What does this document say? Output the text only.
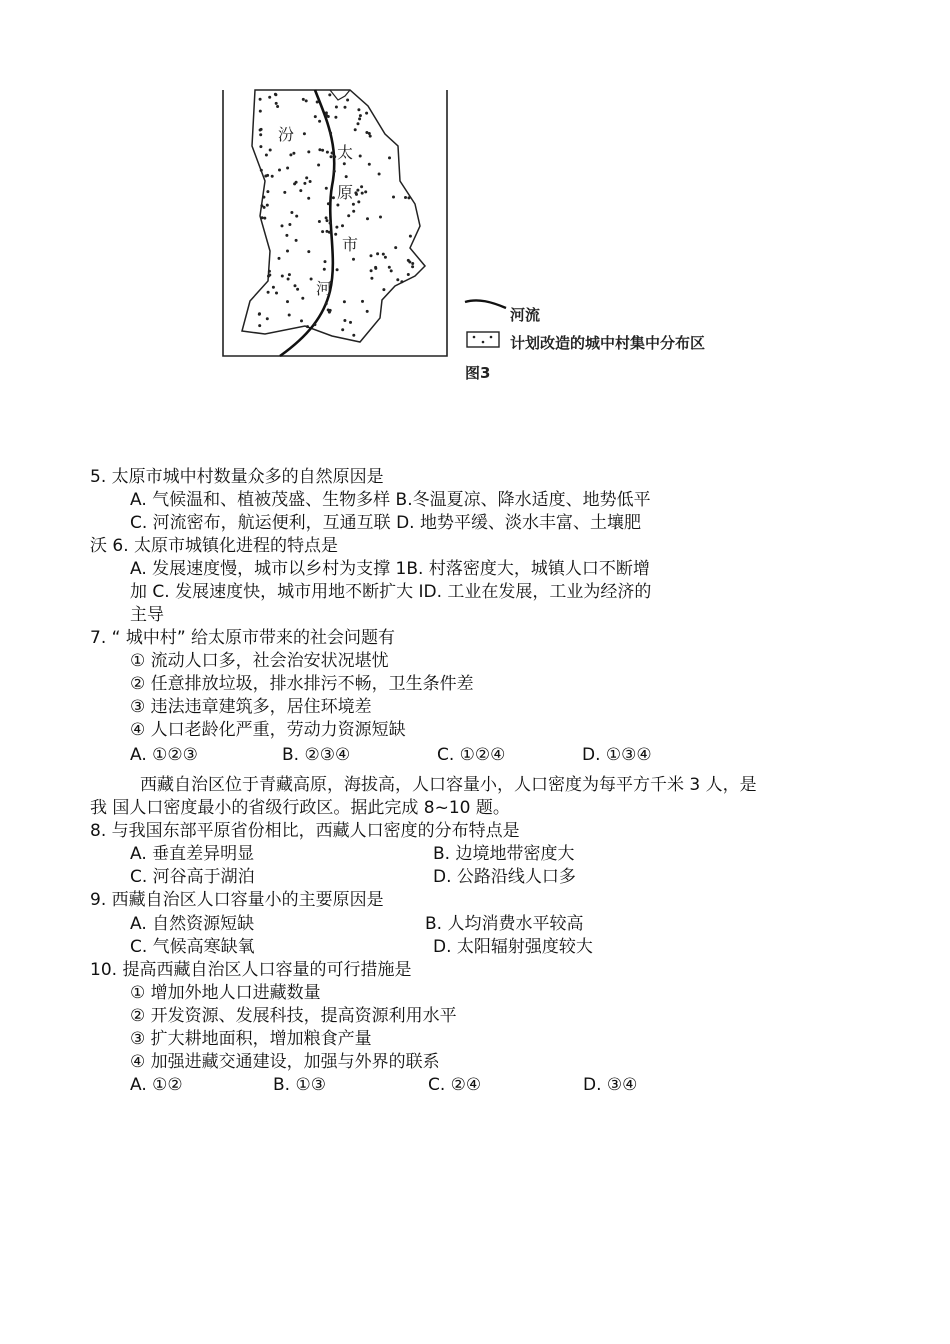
汾
河
太
原
市
河流
计划改造的城中村集中分布区
图3
5. 太原市城中村数量众多的自然原因是
A. 气候温和、植被茂盛、生物多样 B.冬温夏凉、降水适度、地势低平
C. 河流密布，航运便利，互通互联 D. 地势平缓、淡水丰富、土壤肥
沃 6. 太原市城镇化进程的特点是
A. 发展速度慢，城市以乡村为支撑 1B. 村落密度大，城镇人口不断增
加 C. 发展速度快，城市用地不断扩大 ID. 工业在发展，工业为经济的
主导
7. “ 城中村” 给太原市带来的社会问题有
① 流动人口多，社会治安状况堪忧
② 任意排放垃圾，排水排污不畅，卫生条件差
③ 违法违章建筑多，居住环境差
④ 人口老龄化严重，劳动力资源短缺
A. ①②③	B. ②③④	C. ①②④	D. ①③④
西藏自治区位于青藏高原，海拔高，人口容量小，人口密度为每平方千米 3 人，是
我 国人口密度最小的省级行政区。据此完成 8~10 题。
8. 与我国东部平原省份相比，西藏人口密度的分布特点是
A. 垂直差异明显	B. 边境地带密度大
C. 河谷高于湖泊	D. 公路沿线人口多
9. 西藏自治区人口容量小的主要原因是
A. 自然资源短缺	B. 人均消费水平较高
C. 气候高寒缺氧	D. 太阳辐射强度较大
10. 提高西藏自治区人口容量的可行措施是
① 增加外地人口进藏数量
② 开发资源、发展科技，提高资源利用水平
③ 扩大耕地面积，增加粮食产量
④ 加强进藏交通建设，加强与外界的联系
A. ①②	B. ①③	C. ②④	D. ③④
